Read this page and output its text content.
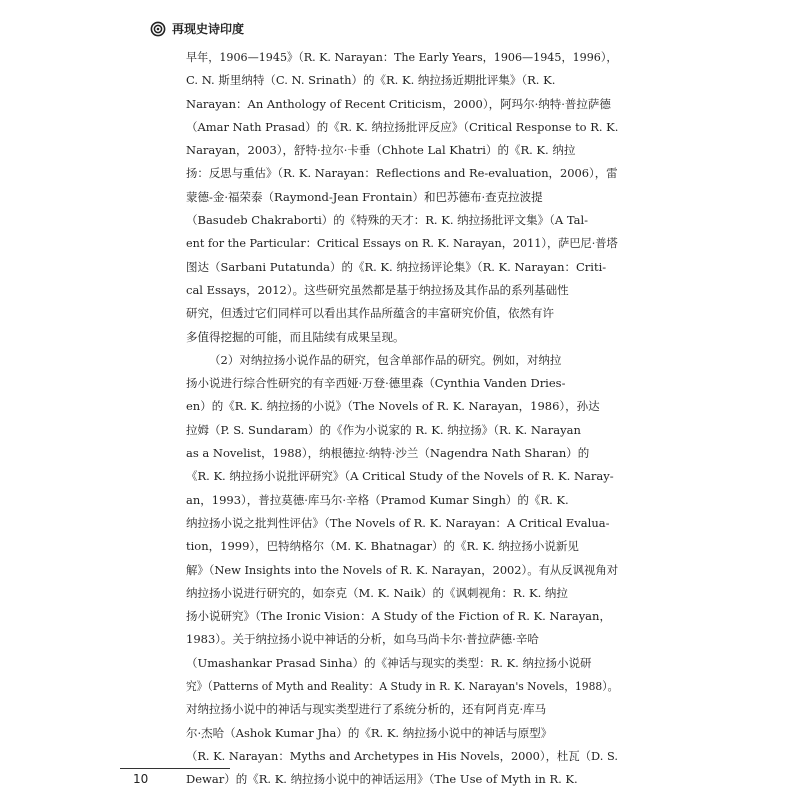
再现史诗印度
早年，1906—1945》（R. K. Narayan：The Early Years，1906—1945，1996），
C. N. 斯里纳特（C. N. Srinath）的《R. K. 纳拉扬近期批评集》（R. K.
Narayan：An Anthology of Recent Criticism，2000），阿玛尔·纳特·普拉萨德
（Amar Nath Prasad）的《R. K. 纳拉扬批评反应》（Critical Response to R. K.
Narayan，2003），舒特·拉尔·卡垂（Chhote Lal Khatri）的《R. K. 纳拉
扬：反思与重估》（R. K. Narayan：Reflections and Re-evaluation，2006），雷
蒙德-金·福荣泰（Raymond-Jean Frontain）和巴苏德布·查克拉波提
（Basudeb Chakraborti）的《特殊的天才：R. K. 纳拉扬批评文集》（A Tal-
ent for the Particular：Critical Essays on R. K. Narayan，2011），萨巴尼·普塔
图达（Sarbani Putatunda）的《R. K. 纳拉扬评论集》（R. K. Narayan：Criti-
cal Essays，2012）。这些研究虽然都是基于纳拉扬及其作品的系列基础性
研究，但透过它们同样可以看出其作品所蕴含的丰富研究价值，依然有许
多值得挖掘的可能，而且陆续有成果呈现。
（2）对纳拉扬小说作品的研究，包含单部作品的研究。例如，对纳拉
扬小说进行综合性研究的有辛西娅·万登·德里森（Cynthia Vanden Dries-
en）的《R. K. 纳拉扬的小说》（The Novels of R. K. Narayan，1986），孙达
拉姆（P. S. Sundaram）的《作为小说家的 R. K. 纳拉扬》（R. K. Narayan
as a Novelist，1988），纳根德拉·纳特·沙兰（Nagendra Nath Sharan）的
《R. K. 纳拉扬小说批评研究》（A Critical Study of the Novels of R. K. Naray-
an，1993），普拉莫德·库马尔·辛格（Pramod Kumar Singh）的《R. K.
纳拉扬小说之批判性评估》（The Novels of R. K. Narayan：A Critical Evalua-
tion，1999），巴特纳格尔（M. K. Bhatnagar）的《R. K. 纳拉扬小说新见
解》（New Insights into the Novels of R. K. Narayan，2002）。有从反讽视角对
纳拉扬小说进行研究的，如奈克（M. K. Naik）的《讽刺视角：R. K. 纳拉
扬小说研究》（The Ironic Vision：A Study of the Fiction of R. K. Narayan，
1983）。关于纳拉扬小说中神话的分析，如乌马尚卡尔·普拉萨德·辛哈
（Umashankar Prasad Sinha）的《神话与现实的类型：R. K. 纳拉扬小说研
究》（Patterns of Myth and Reality：A Study in R. K. Narayan's Novels，1988）。
对纳拉扬小说中的神话与现实类型进行了系统分析的，还有阿肖克·库马
尔·杰哈（Ashok Kumar Jha）的《R. K. 纳拉扬小说中的神话与原型》
（R. K. Narayan：Myths and Archetypes in His Novels，2000），杜瓦（D. S.
Dewar）的《R. K. 纳拉扬小说中的神话运用》（The Use of Myth in R. K.
10
